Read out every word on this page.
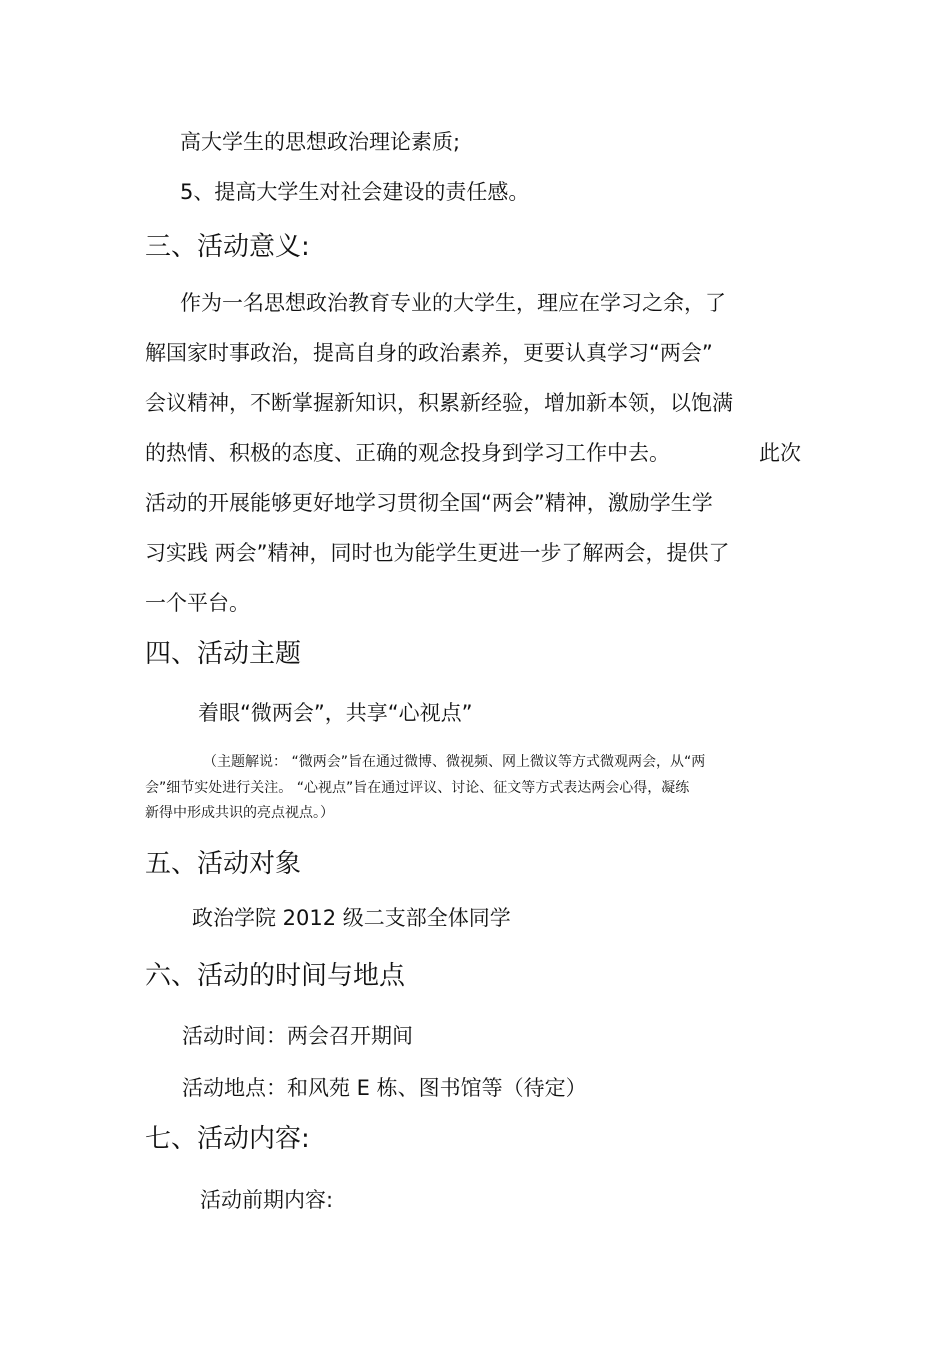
高大学生的思想政治理论素质;
5、提高大学生对社会建设的责任感。
三、活动意义:
作为一名思想政治教育专业的大学生，理应在学习之余，了
解国家时事政治，提高自身的政治素养，更要认真学习“两会”
会议精神，不断掌握新知识，积累新经验，增加新本领，以饱满
的热情、积极的态度、正确的观念投身到学习工作中去。	此次
活动的开展能够更好地学习贯彻全国“两会”精神，激励学生学
习实践 两会”精神，同时也为能学生更进一步了解两会，提供了
一个平台。
四、活动主题
着眼“微两会”，共享“心视点”
（主题解说： “微两会”旨在通过微博、微视频、网上微议等方式微观两会，从“两
会”细节实处进行关注。 “心视点”旨在通过评议、讨论、征文等方式表达两会心得，凝练
新得中形成共识的亮点视点。）
五、活动对象
政治学院 2012 级二支部全体同学
六、活动的时间与地点
活动时间：两会召开期间
活动地点：和风苑 E 栋、图书馆等（待定）
七、活动内容:
活动前期内容:
